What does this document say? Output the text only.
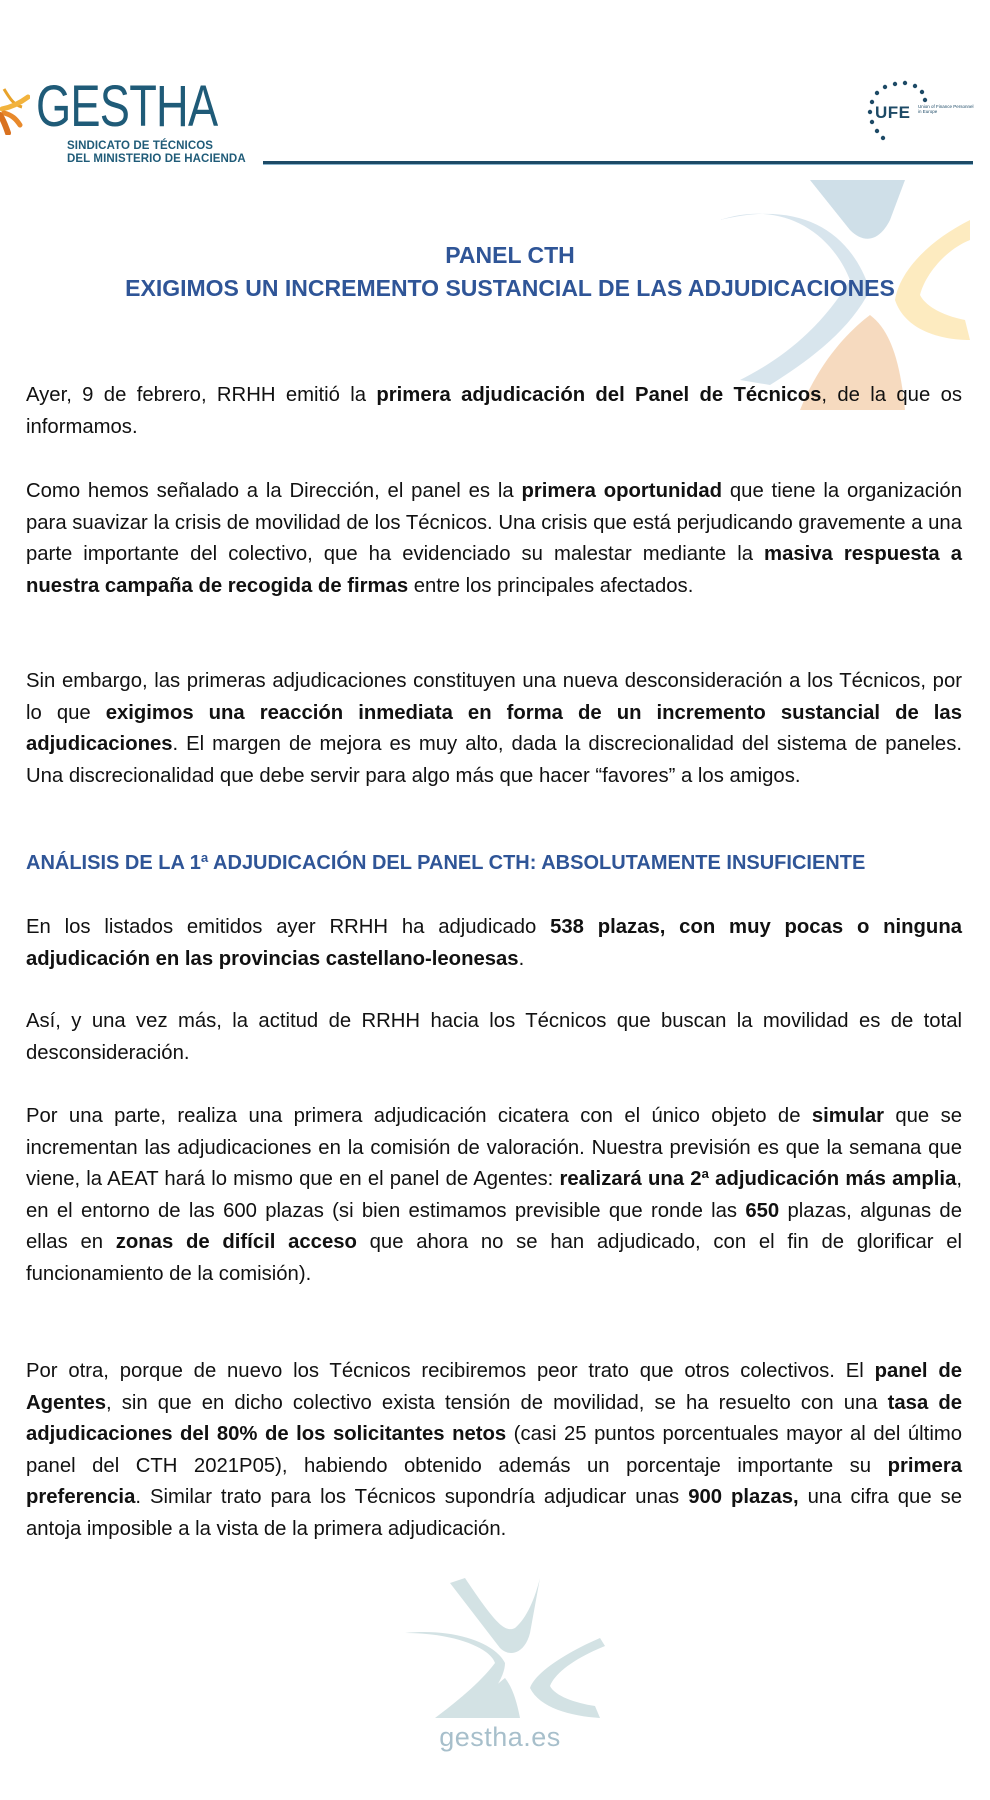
GESTHA
SINDICATO DE TÉCNICOS
DEL MINISTERIO DE HACIENDA
UFE Union of Finance Personnel in Europe
PANEL CTH
EXIGIMOS UN INCREMENTO SUSTANCIAL DE LAS ADJUDICACIONES
Ayer, 9 de febrero, RRHH emitió la primera adjudicación del Panel de Técnicos, de la que os informamos.
Como hemos señalado a la Dirección, el panel es la primera oportunidad que tiene la organización para suavizar la crisis de movilidad de los Técnicos. Una crisis que está perjudicando gravemente a una parte importante del colectivo, que ha evidenciado su malestar mediante la masiva respuesta a nuestra campaña de recogida de firmas entre los principales afectados.
Sin embargo, las primeras adjudicaciones constituyen una nueva desconsideración a los Técnicos, por lo que exigimos una reacción inmediata en forma de un incremento sustancial de las adjudicaciones. El margen de mejora es muy alto, dada la discrecionalidad del sistema de paneles. Una discrecionalidad que debe servir para algo más que hacer “favores” a los amigos.
ANÁLISIS DE LA 1ª ADJUDICACIÓN DEL PANEL CTH: ABSOLUTAMENTE INSUFICIENTE
En los listados emitidos ayer RRHH ha adjudicado 538 plazas, con muy pocas o ninguna adjudicación en las provincias castellano-leonesas.
Así, y una vez más, la actitud de RRHH hacia los Técnicos que buscan la movilidad es de total desconsideración.
Por una parte, realiza una primera adjudicación cicatera con el único objeto de simular que se incrementan las adjudicaciones en la comisión de valoración. Nuestra previsión es que la semana que viene, la AEAT hará lo mismo que en el panel de Agentes: realizará una 2ª adjudicación más amplia, en el entorno de las 600 plazas (si bien estimamos previsible que ronde las 650 plazas, algunas de ellas en zonas de difícil acceso que ahora no se han adjudicado, con el fin de glorificar el funcionamiento de la comisión).
Por otra, porque de nuevo los Técnicos recibiremos peor trato que otros colectivos. El panel de Agentes, sin que en dicho colectivo exista tensión de movilidad, se ha resuelto con una tasa de adjudicaciones del 80% de los solicitantes netos (casi 25 puntos porcentuales mayor al del último panel del CTH 2021P05), habiendo obtenido además un porcentaje importante su primera preferencia. Similar trato para los Técnicos supondría adjudicar unas 900 plazas, una cifra que se antoja imposible a la vista de la primera adjudicación.
gestha.es
